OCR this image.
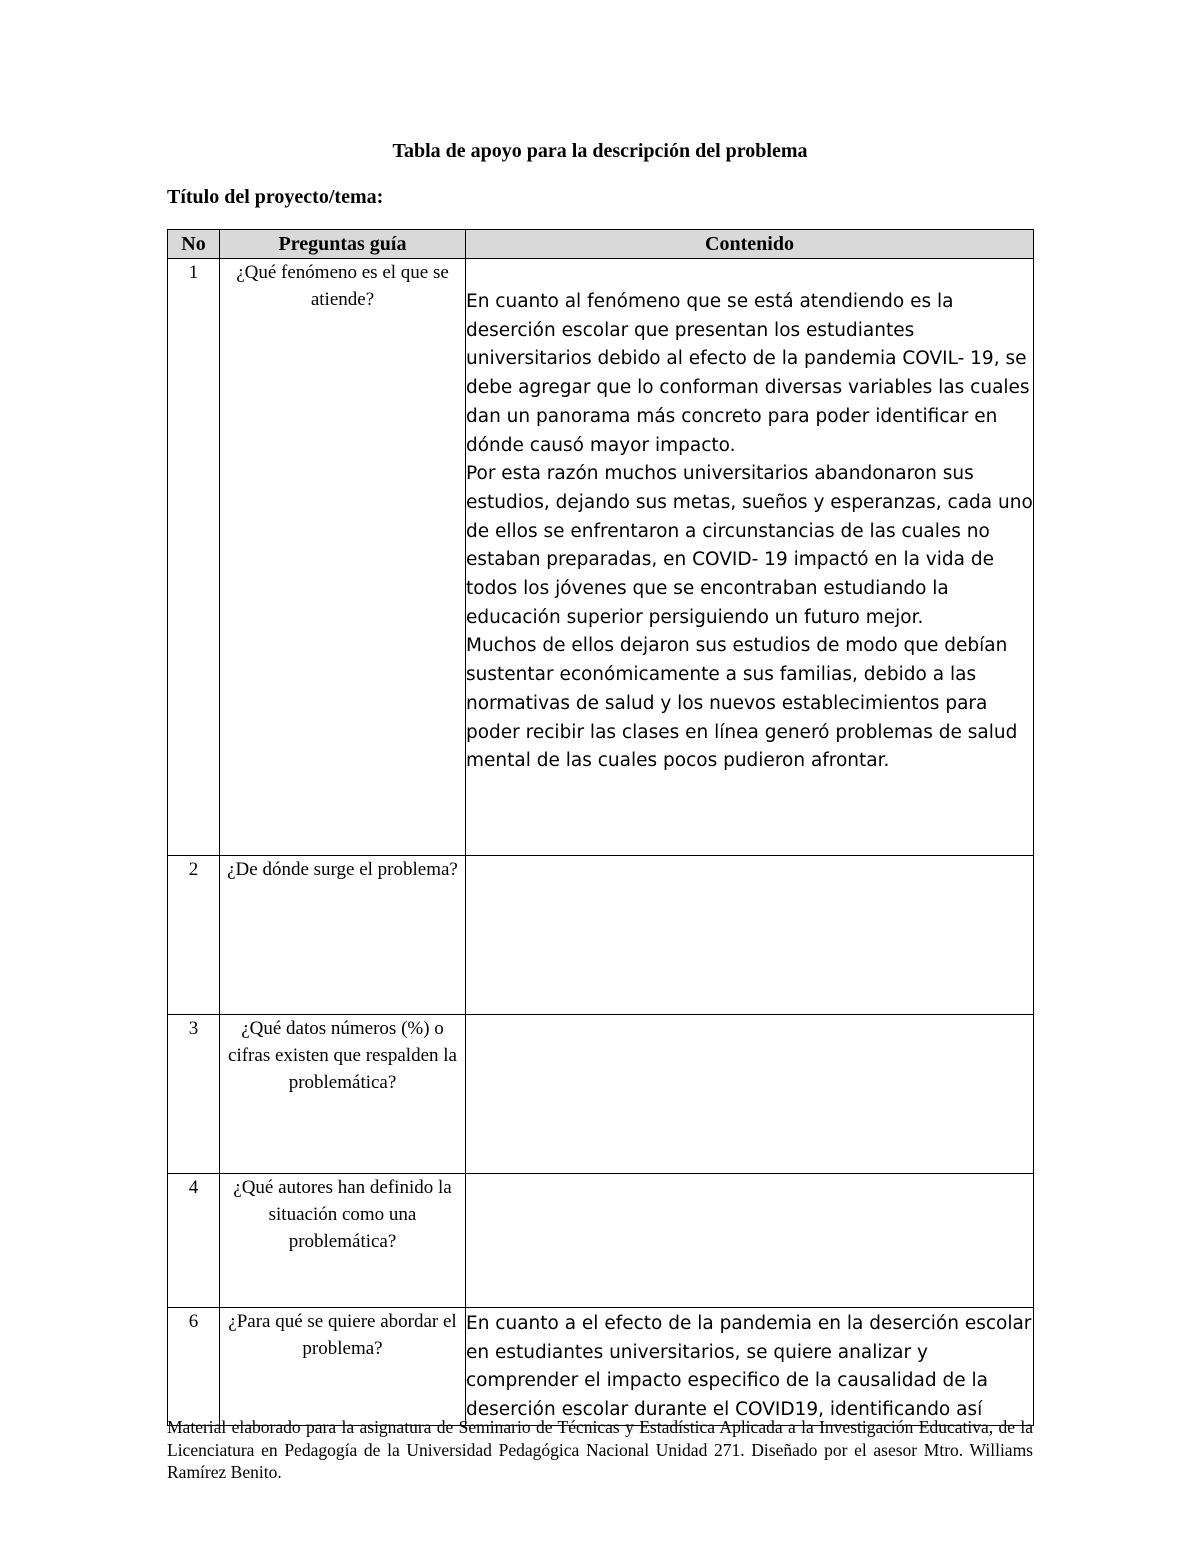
Tabla de apoyo para la descripción del problema
Título del proyecto/tema:
No	Preguntas guía	Contenido
1	¿Qué fenómeno es el que se atiende?	En cuanto al fenómeno que se está atendiendo es la deserción escolar que presentan los estudiantes universitarios debido al efecto de la pandemia COVIL- 19, se debe agregar que lo conforman diversas variables las cuales dan un panorama más concreto para poder identificar en dónde causó mayor impacto.

Por esta razón muchos universitarios abandonaron sus estudios, dejando sus metas, sueños y esperanzas, cada uno de ellos se enfrentaron a circunstancias de las cuales no estaban preparadas, en COVID- 19 impactó en la vida de todos los jóvenes que se encontraban estudiando la educación superior persiguiendo un futuro mejor.

Muchos de ellos dejaron sus estudios de modo que debían sustentar económicamente a sus familias, debido a las normativas de salud y los nuevos establecimientos para poder recibir las clases en línea generó problemas de salud mental de las cuales pocos pudieron afrontar.

2	¿De dónde surge el problema?	
3	¿Qué datos números (%) o cifras existen que respalden la problemática?	
4	¿Qué autores han definido la situación como una problemática?	
6	¿Para qué se quiere abordar el problema?	En cuanto a el efecto de la pandemia en la deserción escolar en estudiantes universitarios, se quiere analizar y comprender el impacto especifico de la causalidad de la deserción escolar durante el COVID19, identificando así

Material elaborado para la asignatura de Seminario de Técnicas y Estadística Aplicada a la Investigación Educativa, de la Licenciatura en Pedagogía de la Universidad Pedagógica Nacional Unidad 271. Diseñado por el asesor Mtro. Williams Ramírez Benito.
